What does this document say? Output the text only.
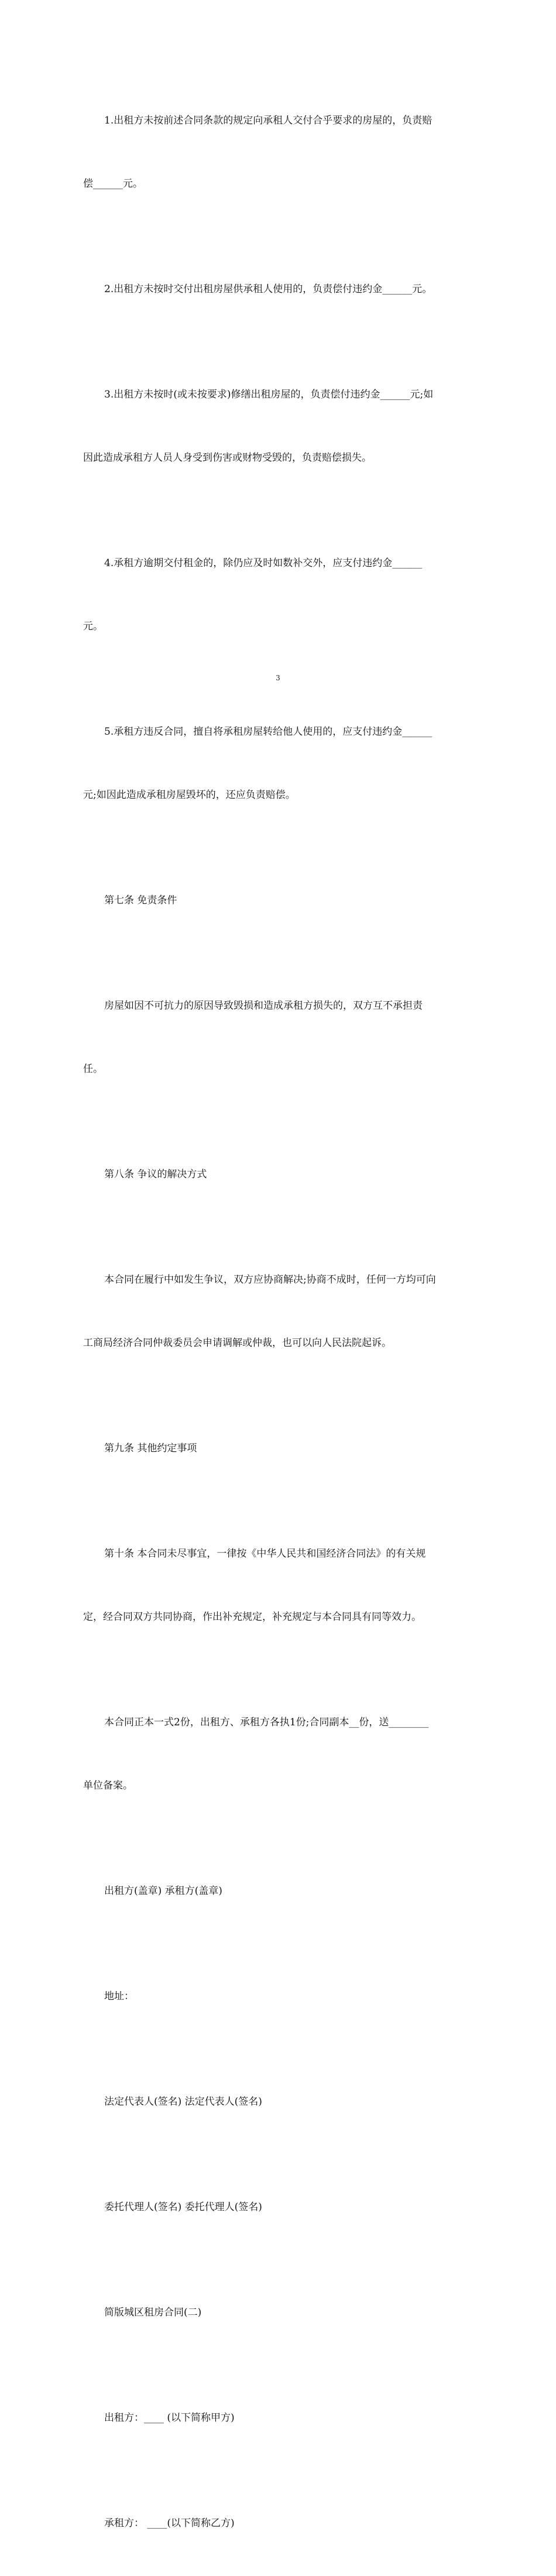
1.出租方未按前述合同条款的规定向承租人交付合乎要求的房屋的，负责赔

偿______元。

2.出租方未按时交付出租房屋供承租人使用的，负责偿付违约金______元。

3.出租方未按时(或未按要求)修缮出租房屋的，负责偿付违约金______元;如

因此造成承租方人员人身受到伤害或财物受毁的，负责赔偿损失。

4.承租方逾期交付租金的，除仍应及时如数补交外，应支付违约金______

元。

5.承租方违反合同，擅自将承租房屋转给他人使用的，应支付违约金______

元;如因此造成承租房屋毁坏的，还应负责赔偿。

第七条 免责条件

房屋如因不可抗力的原因导致毁损和造成承租方损失的，双方互不承担责

任。

第八条 争议的解决方式

本合同在履行中如发生争议，双方应协商解决;协商不成时，任何一方均可向

工商局经济合同仲裁委员会申请调解或仲裁，也可以向人民法院起诉。

第九条 其他约定事项

第十条 本合同未尽事宜，一律按《中华人民共和国经济合同法》的有关规

定，经合同双方共同协商，作出补充规定，补充规定与本合同具有同等效力。

本合同正本一式2份，出租方、承租方各执1份;合同副本__份，送________

单位备案。

出租方(盖章) 承租方(盖章)

地址：

法定代表人(签名) 法定代表人(签名)

委托代理人(签名) 委托代理人(签名)

简版城区租房合同(二)

出租方：____ (以下简称甲方)

承租方： ____(以下简称乙方)

3
